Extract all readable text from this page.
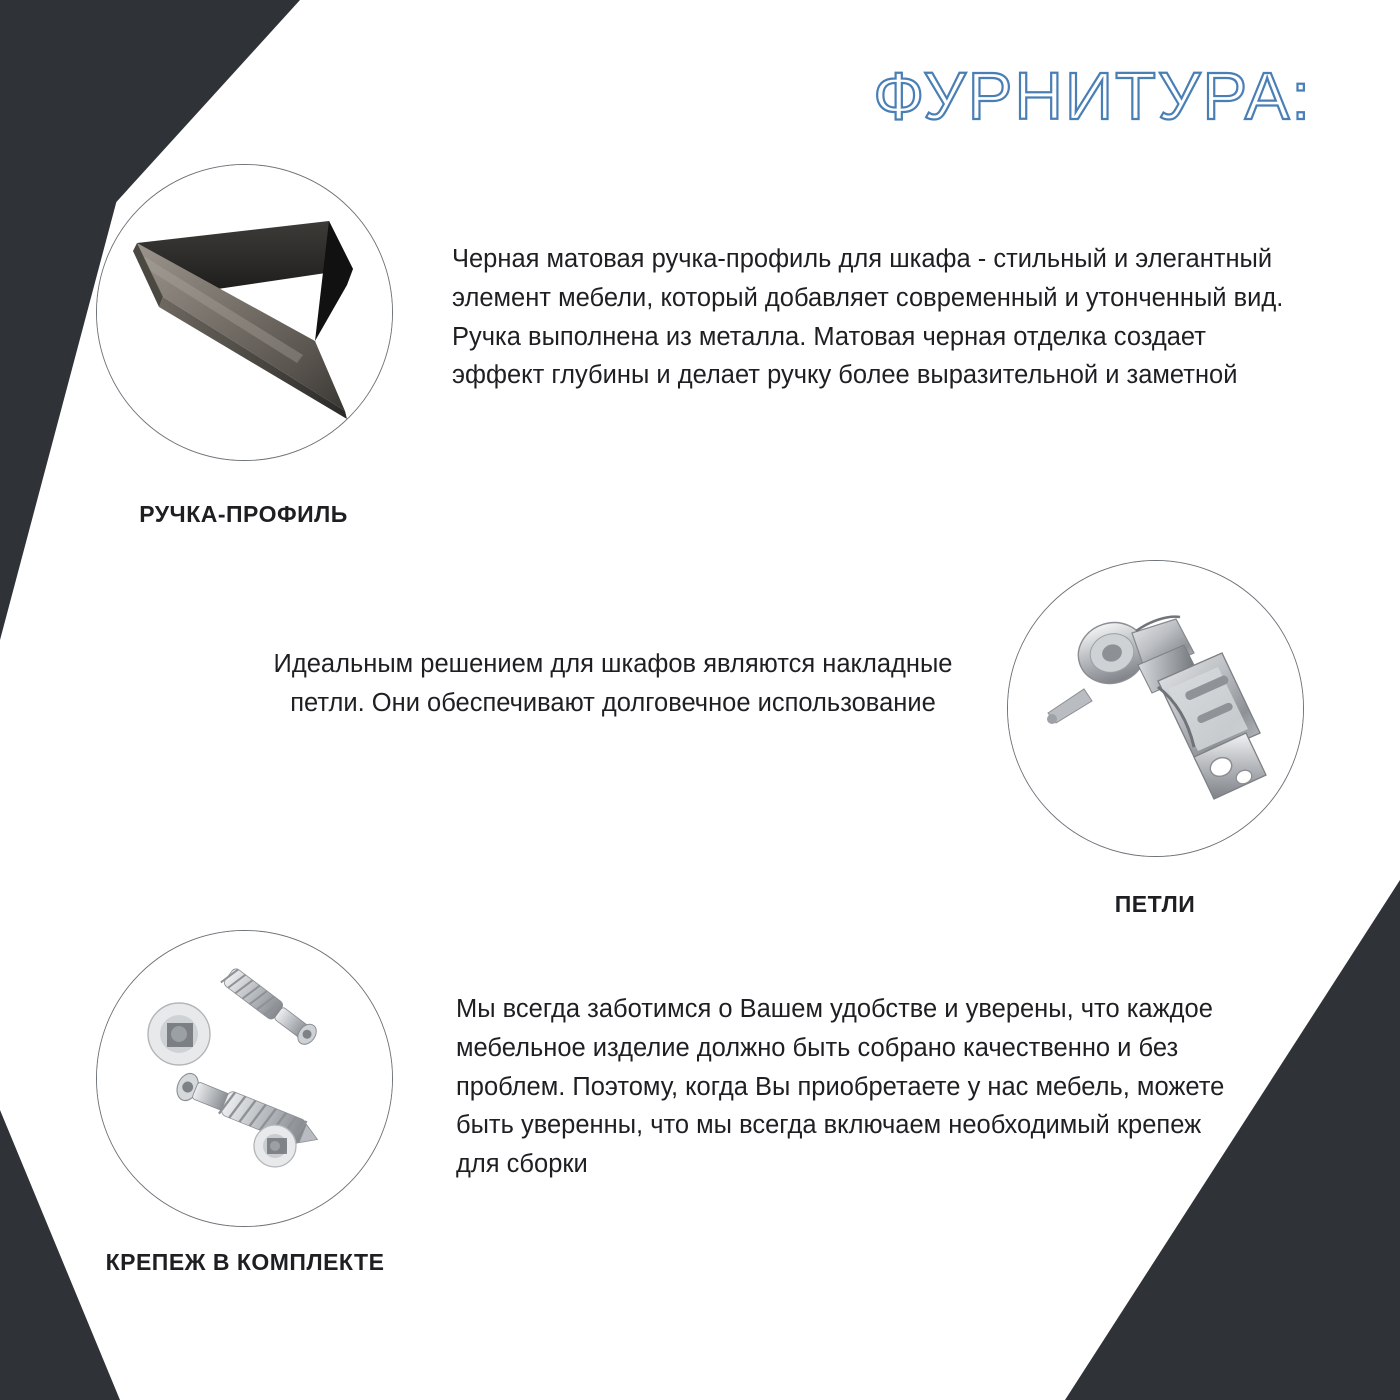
ФУРНИТУРА:
РУЧКА-ПРОФИЛЬ
Черная матовая ручка-профиль для шкафа - стильный и элегантный элемент мебели, который добавляет современный и утонченный вид. Ручка выполнена из металла. Матовая черная отделка создает эффект глубины и делает ручку более выразительной и заметной
ПЕТЛИ
Идеальным решением для шкафов являются накладные петли. Они обеспечивают долговечное использование
КРЕПЕЖ В КОМПЛЕКТЕ
Мы всегда заботимся о Вашем удобстве и уверены, что каждое мебельное изделие должно быть собрано качественно и без проблем. Поэтому, когда Вы приобретаете у нас мебель, можете быть уверенны, что мы всегда включаем необходимый крепеж для сборки
